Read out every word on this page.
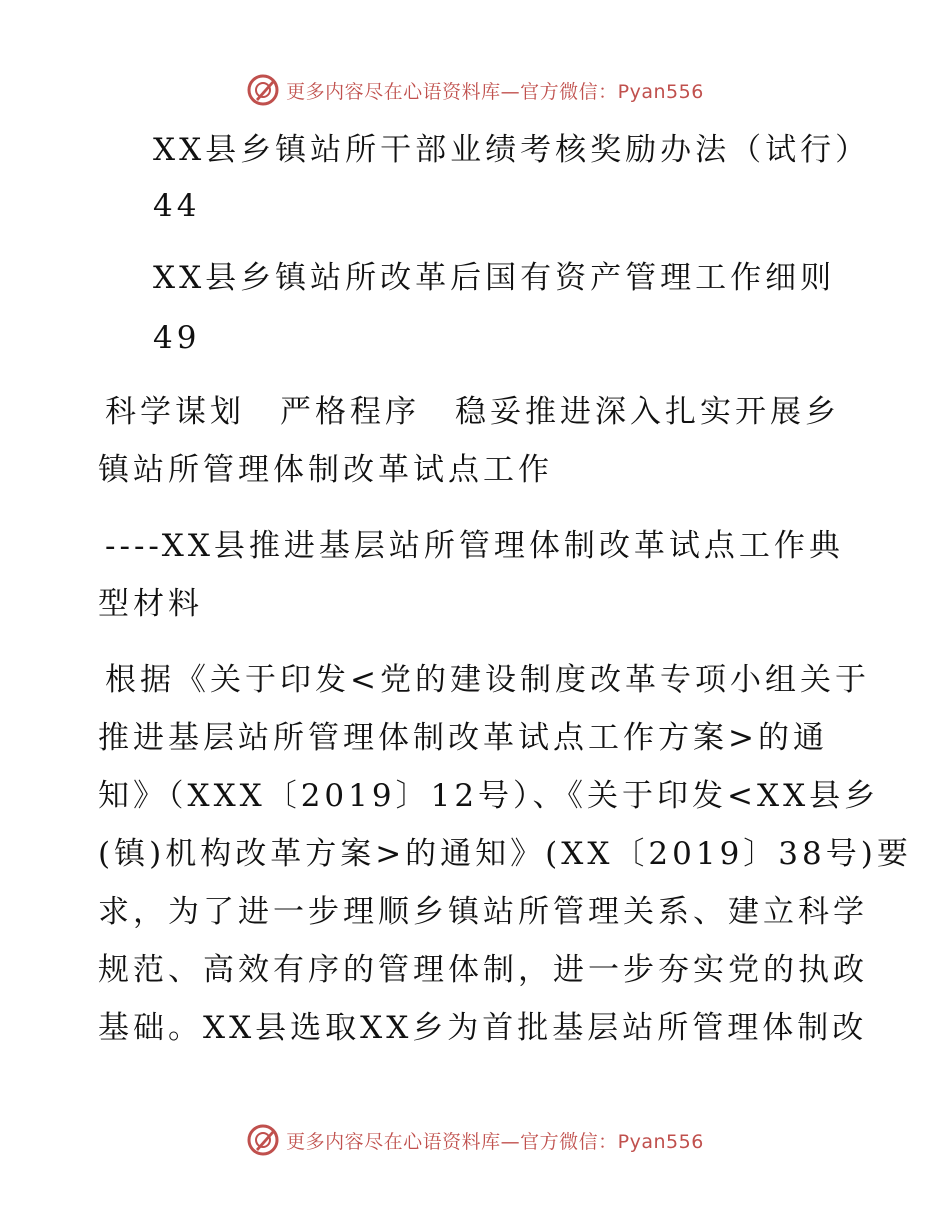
更多内容尽在心语资料库—官方微信：Pyan556
XX县乡镇站所干部业绩考核奖励办法（试行）
44
XX县乡镇站所改革后国有资产管理工作细则
49
科学谋划　严格程序　稳妥推进深入扎实开展乡
镇站所管理体制改革试点工作
----XX县推进基层站所管理体制改革试点工作典
型材料
根据《关于印发<党的建设制度改革专项小组关于
推进基层站所管理体制改革试点工作方案>的通
知》（XXX〔2019〕12号）、《关于印发<XX县乡
(镇)机构改革方案>的通知》(XX〔2019〕38号)要
求，为了进一步理顺乡镇站所管理关系、建立科学
规范、高效有序的管理体制，进一步夯实党的执政
基础。XX县选取XX乡为首批基层站所管理体制改
更多内容尽在心语资料库—官方微信：Pyan556
